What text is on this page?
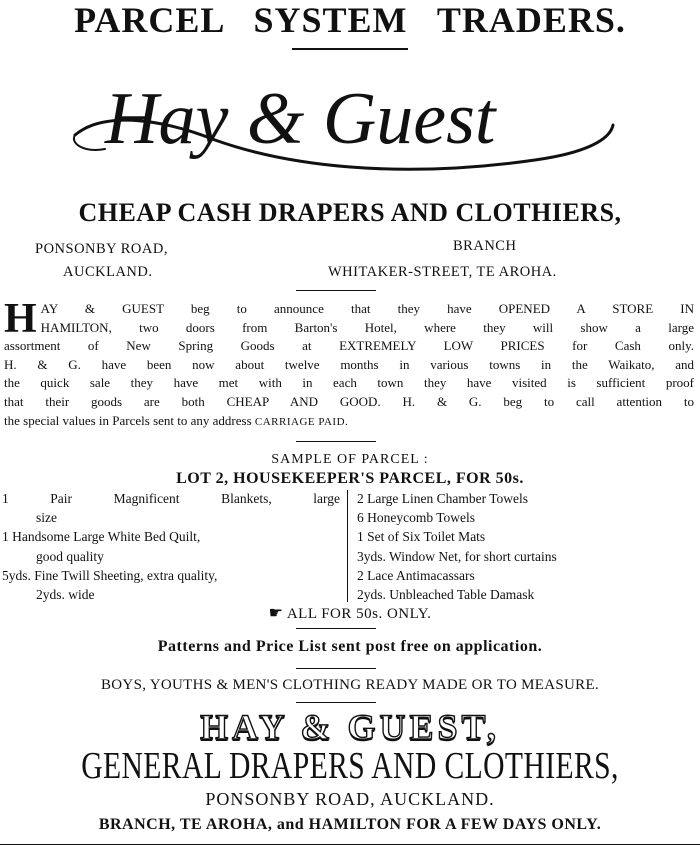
PARCEL SYSTEM TRADERS.
Hay & Guest
CHEAP CASH DRAPERS AND CLOTHIERS,
PONSONBY ROAD,
AUCKLAND.
BRANCH
WHITAKER-STREET, TE AROHA.
H AY & GUEST beg to announce that they have OPENED A STORE IN
HAMILTON, two doors from Barton's Hotel, where they will show a large
assortment of New Spring Goods at EXTREMELY LOW PRICES for Cash only.
H. & G. have been now about twelve months in various towns in the Waikato, and
the quick sale they have met with in each town they have visited is sufficient proof
that their goods are both CHEAP AND GOOD. H. & G. beg to call attention to
the special values in Parcels sent to any address CARRIAGE PAID.
SAMPLE OF PARCEL :
LOT 2, HOUSEKEEPER'S PARCEL, FOR 50s.
1 Pair Magnificent Blankets, large
size
1 Handsome Large White Bed Quilt,
good quality
5yds. Fine Twill Sheeting, extra quality,
2yds. wide
2 Large Linen Chamber Towels
6 Honeycomb Towels
1 Set of Six Toilet Mats
3yds. Window Net, for short curtains
2 Lace Antimacassars
2yds. Unbleached Table Damask
☛ ALL FOR 50s. ONLY.
Patterns and Price List sent post free on application.
BOYS, YOUTHS & MEN'S CLOTHING READY MADE OR TO MEASURE.
HAY & GUEST,
GENERAL DRAPERS AND CLOTHIERS,
PONSONBY ROAD, AUCKLAND.
BRANCH, TE AROHA, and HAMILTON FOR A FEW DAYS ONLY.
